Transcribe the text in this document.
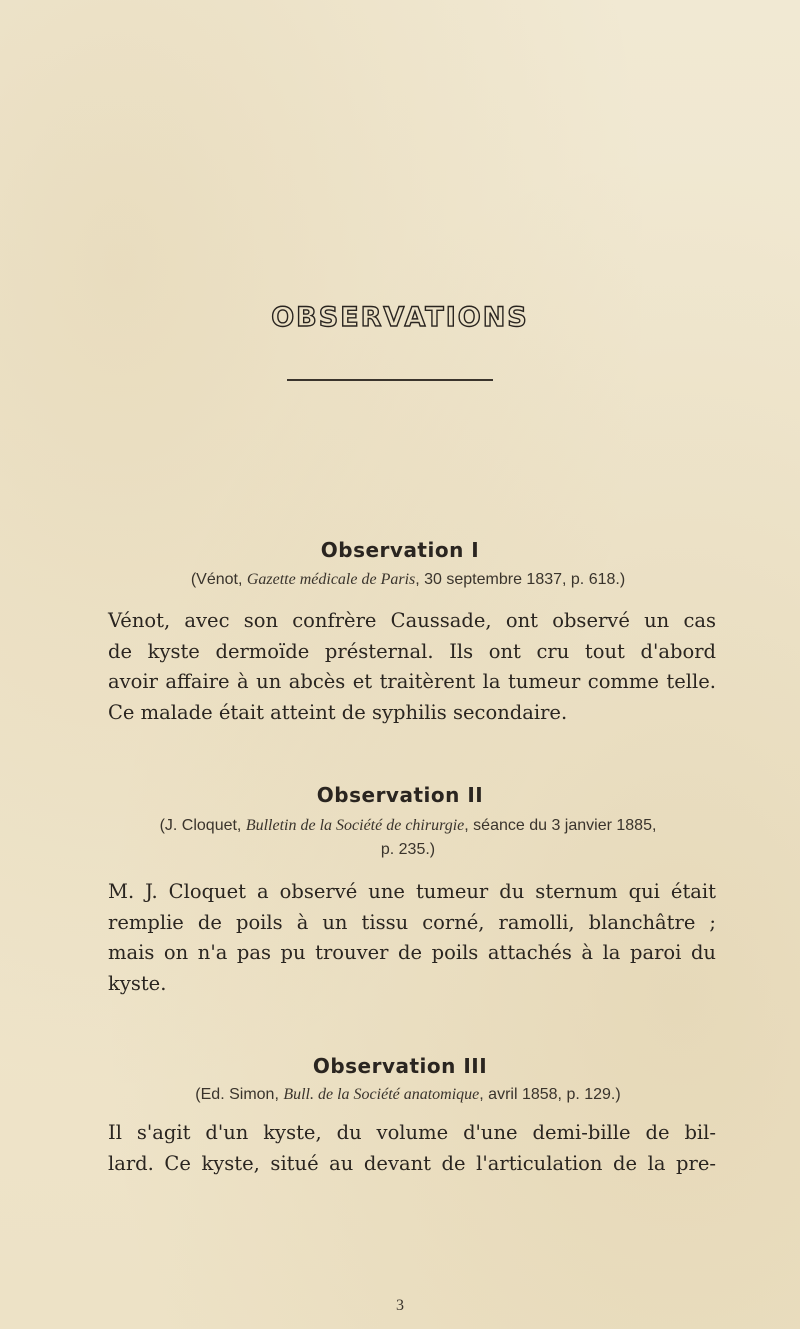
OBSERVATIONS
Observation I
(Vénot, Gazette médicale de Paris, 30 septembre 1837, p. 618.)
Vénot, avec son confrère Caussade, ont observé un cas
de kyste dermoïde présternal. Ils ont cru tout d'abord
avoir affaire à un abcès et traitèrent la tumeur comme telle.
Ce malade était atteint de syphilis secondaire.
Observation II
(J. Cloquet, Bulletin de la Société de chirurgie, séance du 3 janvier 1885,
p. 235.)
M. J. Cloquet a observé une tumeur du sternum qui était
remplie de poils à un tissu corné, ramolli, blanchâtre ;
mais on n'a pas pu trouver de poils attachés à la paroi du
kyste.
Observation III
(Ed. Simon, Bull. de la Société anatomique, avril 1858, p. 129.)
Il s'agit d'un kyste, du volume d'une demi-bille de bil-
lard. Ce kyste, situé au devant de l'articulation de la pre-
3
